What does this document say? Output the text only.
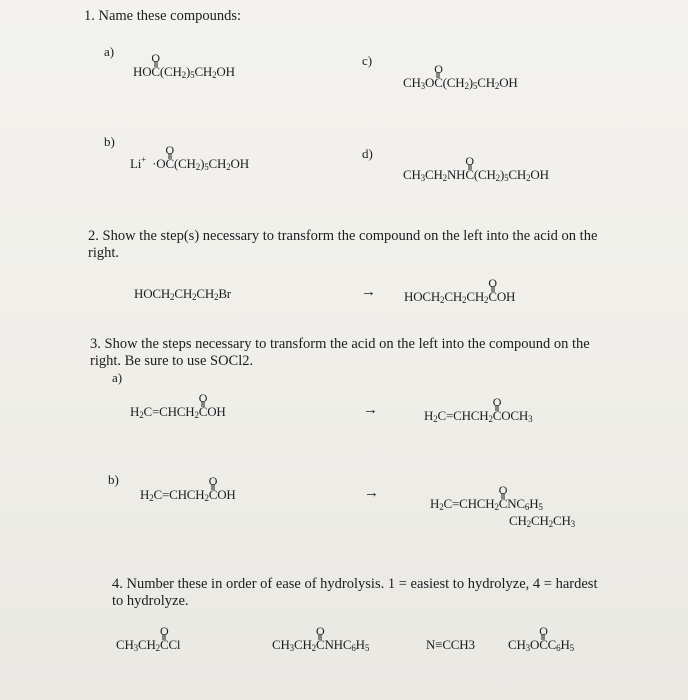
1. Name these compounds:
a)
HO
O
$C(CH_2)_5CH_2OH$
c)
$CH_3O$
O
$C(CH_2)_5CH_2OH$
b)
Li+  ·O
O
$C(CH_2)_5CH_2OH$
d)
$CH_3CH_2NH$
O
$C(CH_2)_5CH_2OH$
2. Show the step(s) necessary to transform the compound on the left into the acid on the right.
$HOCH_2CH_2CH_2Br$	→ $HOCH_2CH_2CH_2$
O
COH
3. Show the steps necessary to transform the acid on the left into the compound on the right. Be sure to use SOCl2.
a)
$H_2C=CHCH_2$
O
COH	→	$H_2C=CHCH_2$
O
$COCH_3$
b)
$H_2C=CHCH_2$
O
COH	→
$H_2C=CHCH_2$
O
$CNC_6H_5$
$CH_2CH_2CH_3$
4. Number these in order of ease of hydrolysis. 1 = easiest to hydrolyze, 4 = hardest to hydrolyze.
$CH_3CH_2$
O
CCl	$CH_3CH_2$
O
$CNHC_6H_5$	N≡CCH3	$CH_3O$
O
$CC_6H_5$
